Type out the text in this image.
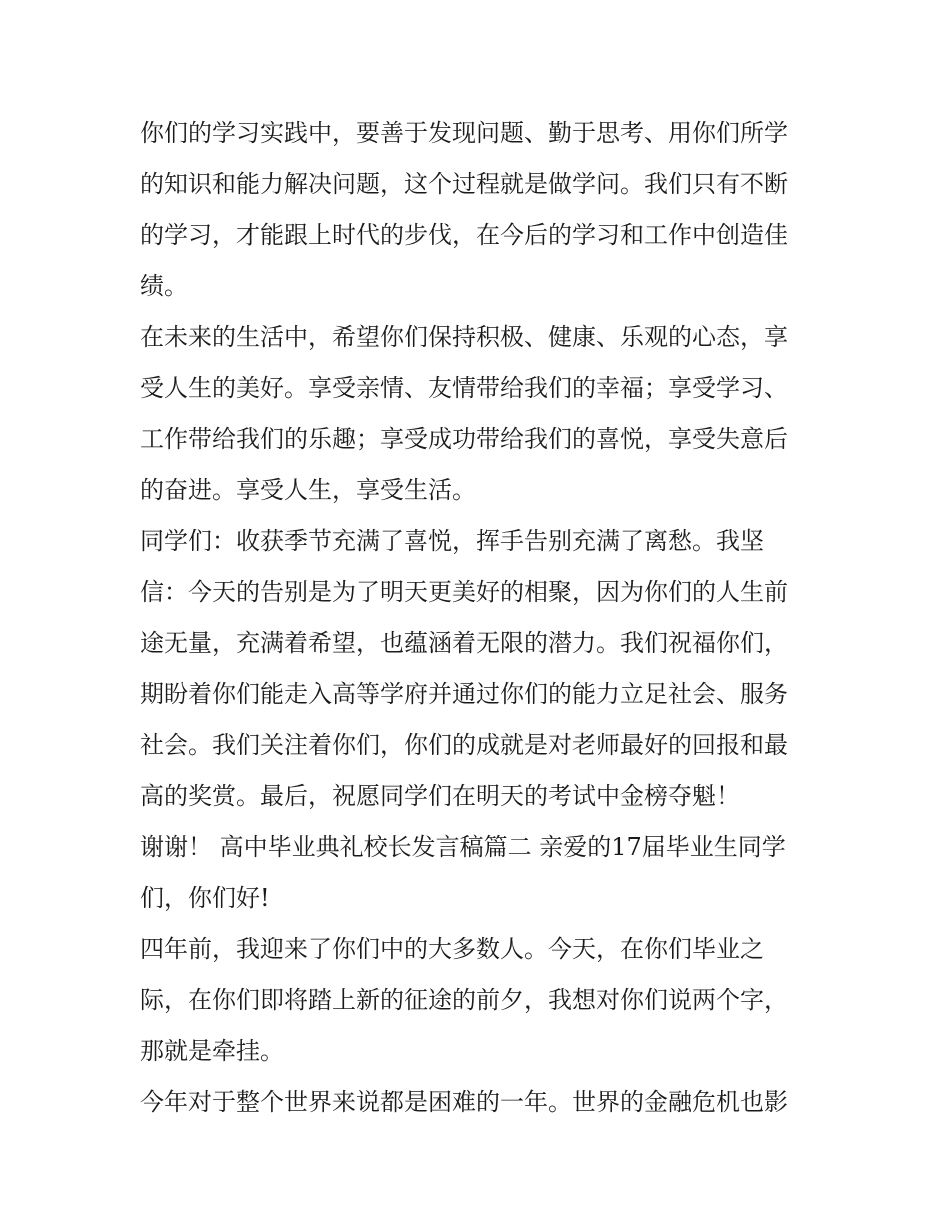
你们的学习实践中，要善于发现问题、勤于思考、用你们所学
的知识和能力解决问题，这个过程就是做学问。我们只有不断
的学习，才能跟上时代的步伐，在今后的学习和工作中创造佳
绩。
在未来的生活中，希望你们保持积极、健康、乐观的心态，享
受人生的美好。享受亲情、友情带给我们的幸福；享受学习、
工作带给我们的乐趣；享受成功带给我们的喜悦，享受失意后
的奋进。享受人生，享受生活。
同学们：收获季节充满了喜悦，挥手告别充满了离愁。我坚
信：今天的告别是为了明天更美好的相聚，因为你们的人生前
途无量，充满着希望，也蕴涵着无限的潜力。我们祝福你们，
期盼着你们能走入高等学府并通过你们的能力立足社会、服务
社会。我们关注着你们，你们的成就是对老师最好的回报和最
高的奖赏。最后，祝愿同学们在明天的考试中金榜夺魁！
谢谢！ 高中毕业典礼校长发言稿篇二 亲爱的17届毕业生同学
们，你们好!
四年前，我迎来了你们中的大多数人。今天，在你们毕业之
际，在你们即将踏上新的征途的前夕，我想对你们说两个字，
那就是牵挂。
今年对于整个世界来说都是困难的一年。世界的金融危机也影
